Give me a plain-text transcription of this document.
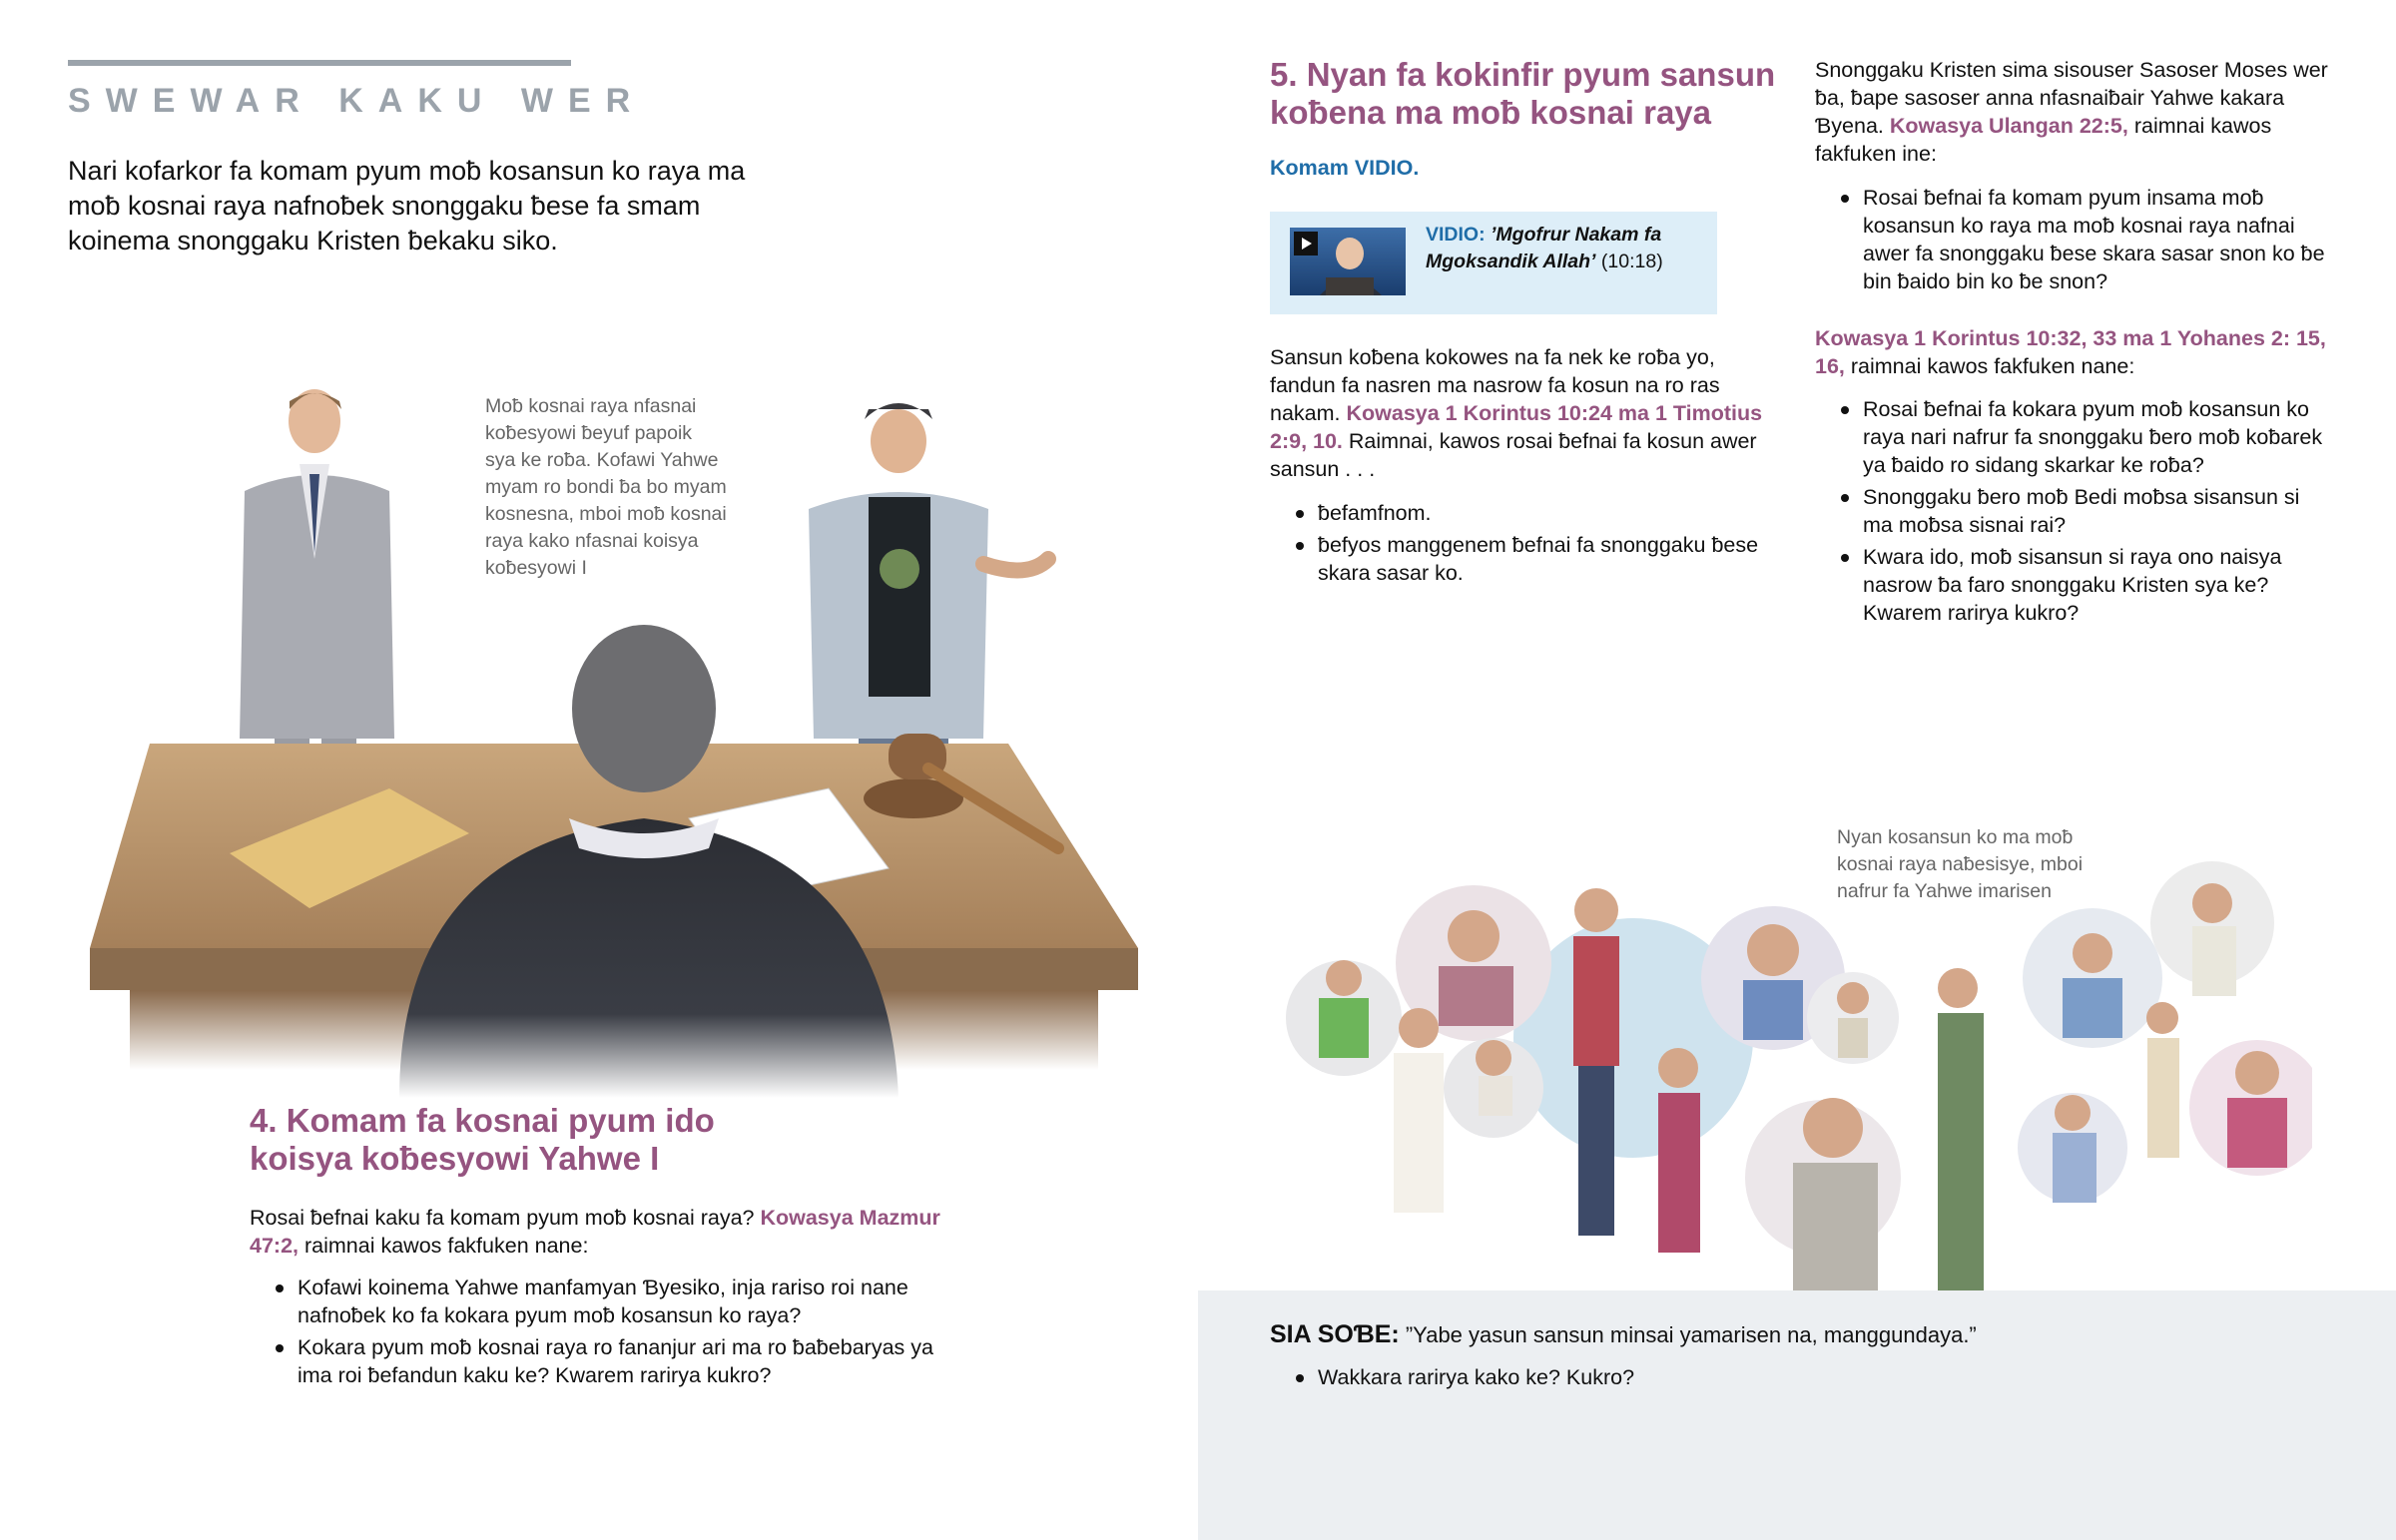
SWEWAR KAKU WER
Nari kofarkor fa komam pyum moƀ kosansun ko raya ma moƀ kosnai raya nafnoƀek snonggaku ƀese fa smam koinema snonggaku Kristen ƀekaku siko.
Moƀ kosnai raya nfasnai
koƀesyowi ƀeyuf papoik
sya ke roƀa. Kofawi Yahwe
myam ro bondi ƀa bo myam
kosnesna, mboi moƀ kosnai
raya kako nfasnai koisya
koƀesyowi I
4. Komam fa kosnai pyum ido
koisya koƀesyowi Yahwe I
Rosai ƀefnai kaku fa komam pyum moƀ kosnai raya? Kowasya Mazmur 47:2, raimnai kawos fakfuken nane:
Kofawi koinema Yahwe manfamyan Ɓyesiko, inja rariso roi nane
nafnoƀek ko fa kokara pyum moƀ kosansun ko raya?
Kokara pyum moƀ kosnai raya ro fananjur ari ma ro ƀaƀebaryas ya
ima roi ƀefandun kaku ke? Kwarem rarirya kukro?
5. Nyan fa kokinfir pyum sansun
koƀena ma moƀ kosnai raya
Komam VIDIO.
VIDIO: ’Mgofrur Nakam fa Mgoksandik Allah’ (10:18)
Sansun koƀena kokowes na fa nek ke roƀa yo, fandun fa nasren ma nasrow fa kosun na ro ras nakam. Kowasya 1 Korintus 10:24 ma 1 Timotius 2:9, 10. Raimnai, kawos rosai ƀefnai fa kosun awer sansun . . .
ƀefamfnom.
ƀefyos manggenem ƀefnai fa snonggaku ƀese skara sasar ko.
Snonggaku Kristen sima sisouser Sasoser Moses wer ƀa, ƀape sasoser anna nfasnaiƀair Yahwe kakara Ɓyena. Kowasya Ulangan 22:5, raimnai kawos fakfuken ine:
Rosai ƀefnai fa komam pyum insama moƀ kosansun ko raya ma moƀ kosnai raya nafnai awer fa snonggaku ƀese skara sasar snon ko ƀe bin ƀaido bin ko ƀe snon?
Kowasya 1 Korintus 10:32, 33 ma 1 Yohanes 2: 15, 16, raimnai kawos fakfuken nane:
Rosai ƀefnai fa kokara pyum moƀ kosansun ko raya nari nafrur fa snonggaku ƀero moƀ koƀarek ya ƀaido ro sidang skarkar ke roƀa?
Snonggaku ƀero moƀ Bedi moƀsa sisansun si ma moƀsa sisnai rai?
Kwara ido, moƀ sisansun si raya ono naisya nasrow ƀa faro snonggaku Kristen sya ke? Kwarem rarirya kukro?
Nyan kosansun ko ma moƀ
kosnai raya naƀesisye, mboi
nafrur fa Yahwe imarisen
SIA SOƁE: ”Yabe yasun sansun minsai yamarisen na, manggundaya.”
Wakkara rarirya kako ke? Kukro?
